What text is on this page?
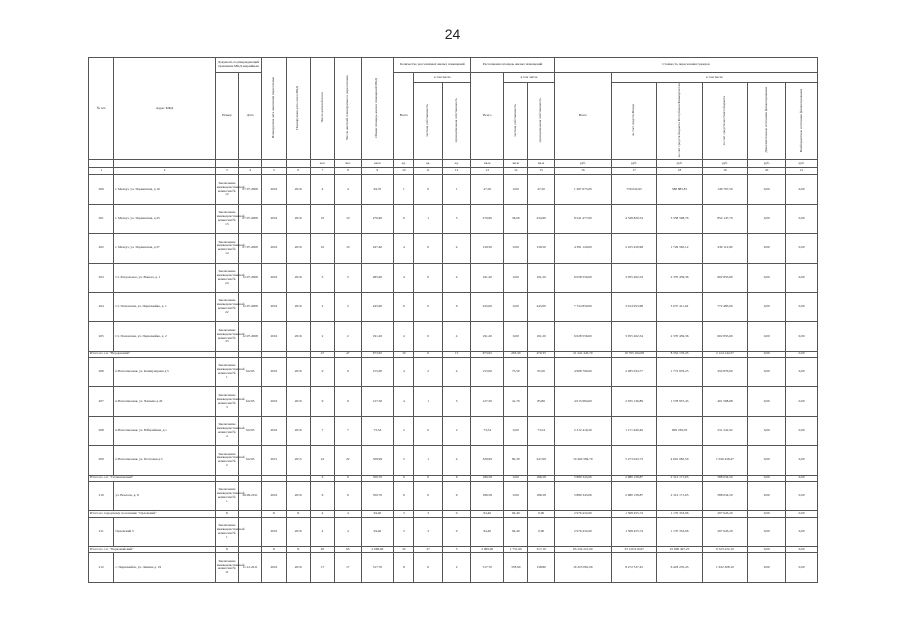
24
№ п/п	Адрес МКД	Документ, подтверждающий признание МКД аварийным		Планируемая дата окончания переселения	Планируемая дата сноса МКД	Число жителей всего	Число жителей планируемых к переселению	Общая площадь жилых помещений МКД	Количество расселяемых жилых помещений			Расселяемая площадь жилых помещений			Стоимость переселения граждан					
		Номер	Дата						Всего	в том числе		Всего	в том числе		Всего	в том числе				
										частная собственность	муниципальная собственность		частная собственность	муниципальная собственность		за счет средств Фонда	за счет средств бюджета Республики Башкортостан	за счет средств местного бюджета	Дополнительные источники финансирования	Внебюджетные источники финансирования
						чел.	чел.	кв.м	ед.	ед.	ед.	кв.м	кв.м	кв.м	руб.	руб.	руб.	руб.	руб.	руб.
1	2	3	4	5	6	7	8	9	10	11	12	13	14	15	16	17	18	19	20	21
200	г. Мелеуз, ул. Украинская, д.16	Заключение межведомственной комиссии № 12	07.07.2008	2016	2016	4	4	94,70	1	0	1	47,50	0,00	47,50	1 497 675,00	759 022,65	588 885,81	149 767,50	0,00	0,00
201	г. Мелеуз, ул. Украинская, д.35	Заключение межведомственной комиссии № 13	07.07.2008	2016	2016	10	10	270,90	6	1	5	270,90	36,00	234,90	8 541 477,00	4 328 820,54	3 358 508,76	854 147,70	0,00	0,00
202	г. Мелеуз, ул. Украинская, д.37	Заключение межведомственной комиссии № 14	07.07.2008	2016	2016	10	10	247,40	4	0	4	139,50	0,00	139,50	4 391 129,00	2 225 450,98	1 726 565,12	439 112,90	0,00	0,00
203	Ст. Раздольное, ул. Вокзал, д. 1	Заключение межведомственной комиссии № 24	12.07.2008	2016	2016	5	5	285,00	4	0	4	191,20	0,00	191,20	6 028 556,00	3 055 262,54	2 370 439,36	602 855,60	0,00	0,00
204	Ст. Поповская, ул. Первомайка, д. 1	Заключение межведомственной комиссии № 22	12.07.2008	2016	2016	2	2	245,00	6	0	6	245,00	0,00	245,00	7 724 850,00	3 914 953,98	3 037 411,02	772 485,00	0,00	0,00
205	Ст. Поповская, ул. Первомайка, д. 2	Заключение межведомственной комиссии № 23	12.07.2008	2016	2016	2	2	191,20	4	0	4	191,20	0,00	191,20	6 028 556,00	3 055 262,54	2 370 439,36	602 855,60	0,00	0,00
Итого по с.п. "Нордовский"						47	47	673,65	19	6	15	673,65	203,30	470,35	21 241 445,70	10 765 164,08	8 352 176,45	2 124 144,57	0,00	0,00
206	п.Новотаналык, ул. Коммунарная д.5	Заключение межведомственной комиссии № 1	б/н/95	2016	2016	9	9	155,00	4	2	4	155,00	75,50	65,50	4 968 790,00	2 285 034,77	1 772 876,23	450 879,00	0,00	0,00
207	п.Новотаналык, ул. Чапаева д.43	Заключение межведомственной комиссии № 3	б/н/95	2016	2016	9	9	127,56	4	1	3	127,56	41,70	85,86	4 015 684,00	2 035 136,89	1 578 957,43	401 568,68	0,00	0,00
208	п.Новотаналык, ул. Юбилейная, д.1	Заключение межведомственной комиссии № 4	б/н/95	2016	2016	7	7	73,54	2	0	2	73,54	0,00	73,54	2 312 419,20	1 171 929,49	909 239,03	231 241,92	0,00	0,00
209	п.Новотаналык, ул. Почтовая д.5	Заключение межведомственной комиссии № 2	б/н/95	2015	2015	22	22	329,99	5	1	4	329,99	82,30	247,69	10 404 584,70	5 273 043,73	4 091 082,50	1 040 458,47	0,00	0,00
Итого по с.п. "Сплавновский"						6	6	350,70	6	0	6	186,58	0,00	186,58	5 880 345,00	2 980 158,87	2 312 171,63	588 034,50	0,00	0,00
210	ул. Вокзала, д. 8	Заключение межведомственной комиссии № 1	26.09.2011	2016	2016	6	6	350,70	6	0	6	186,58	0,00	186,58	5 880 345,00	2 980 158,87	2 312 171,63	588 034,50	0,00	0,00
Итого по городскому поселению "Орловский"		X		X	X	4	4	94,40	3	3	0	94,40	94,40	0,00	2 976 432,00	1 508 455,74	1 170 333,06	297 643,20	0,00	0,00
211	Орловский 5	Заключение межведомственной комиссии № 1		2016	2016	4	4	94,40	3	3	0	94,40	94,40	0,00	2 976 432,00	1 508 455,74	1 170 333,06	297 643,20	0,00	0,00
Итого по с.п. "Первомайский"		X		X	X	65	65	2 069,00	32	27	5	2 069,00	1 751,90	317,10	65 232 221,00	33 120 910,67	25 696 497,25	6 523 222,10	0,00	0,00
212	с. Первомайск, ул. Ленина д. 19	Заключение межведомственной комиссии № 11	11.12.2011	2016	2016	17	17	517,70	8	6	2	517,70	378,90	138,80	16 323 081,00	8 272 537,45	6 418 235,45	1 632 308,10	0,00	0,00
